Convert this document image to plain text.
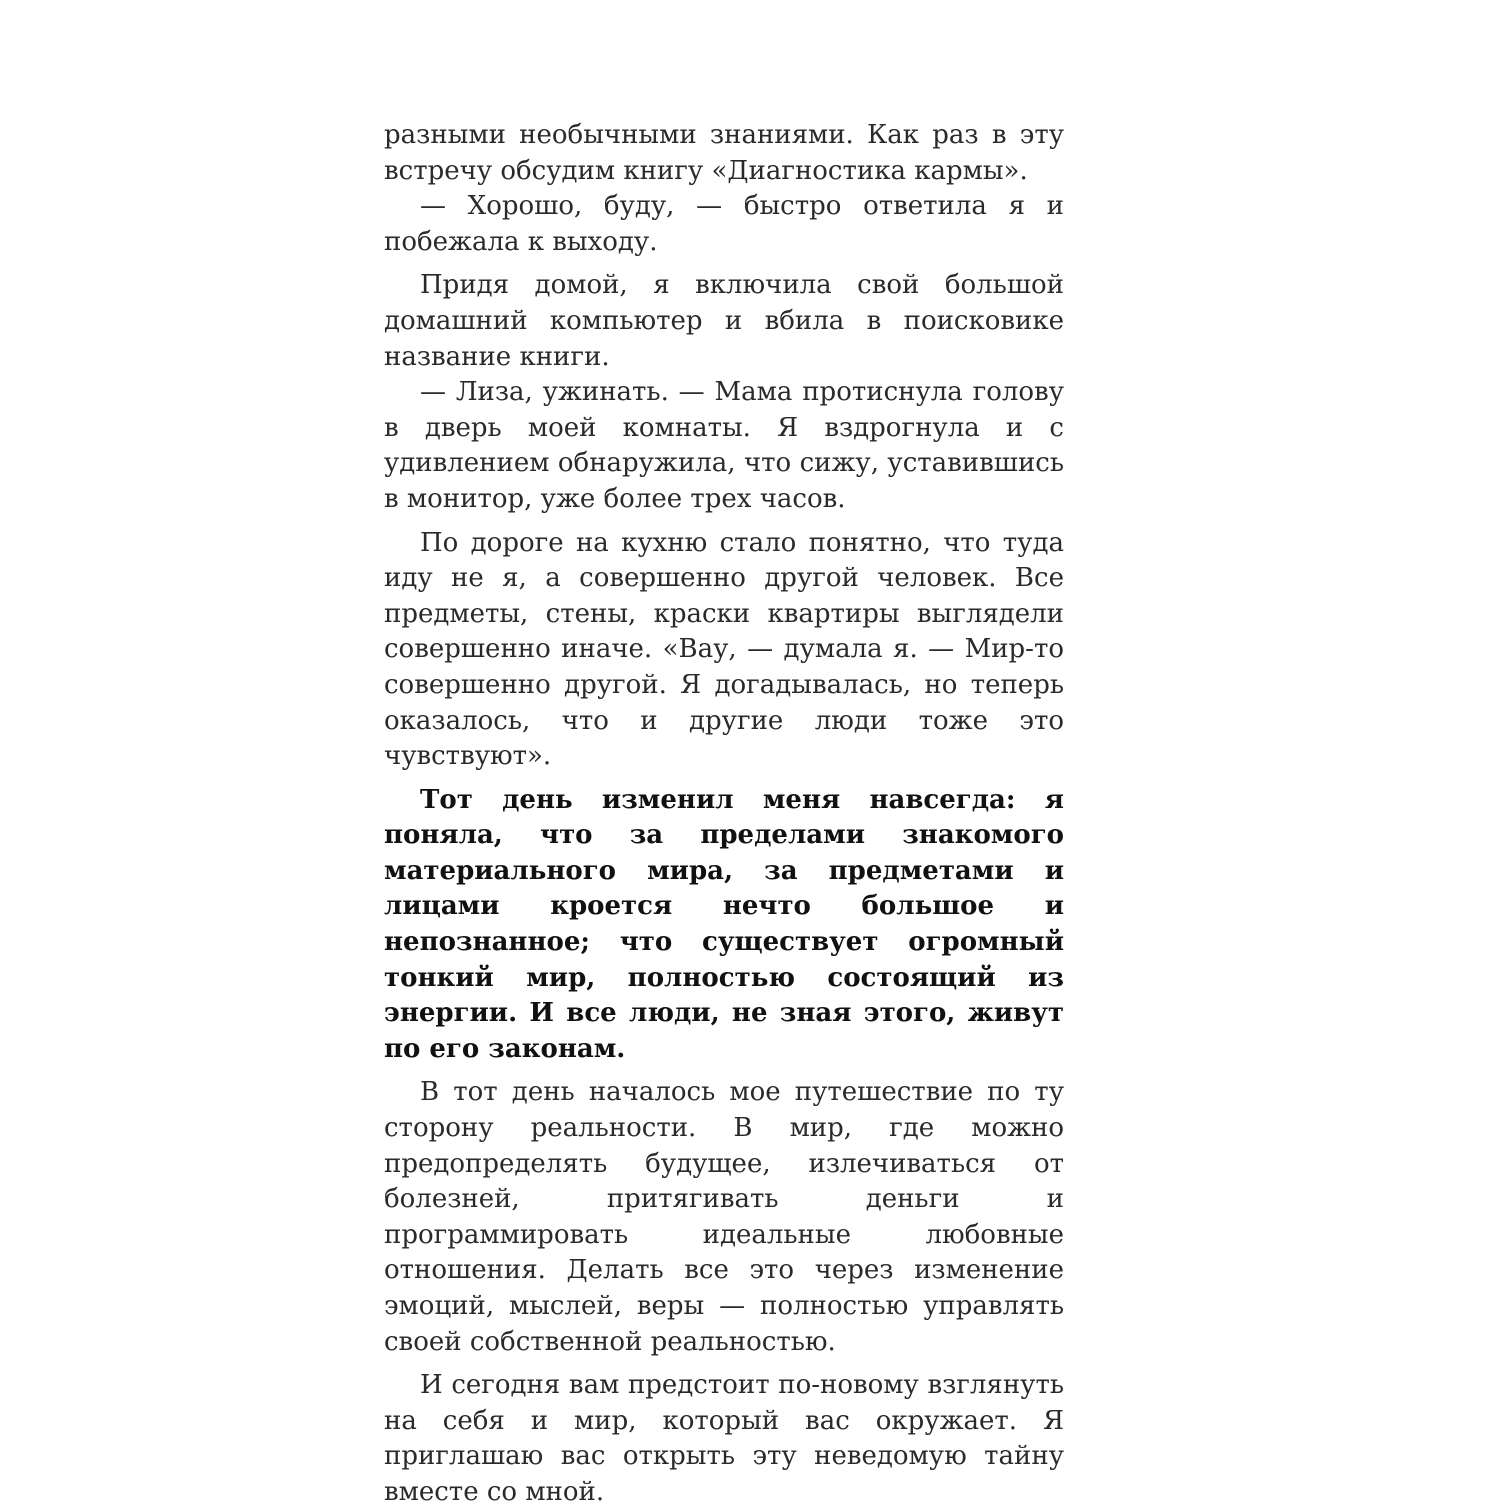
разными необычными знаниями. Как раз в эту встречу обсудим книгу «Диагностика кармы».

— Хорошо, буду, — быстро ответила я и побежала к выходу.

Придя домой, я включила свой большой домашний компьютер и вбила в поисковике название книги.

— Лиза, ужинать. — Мама протиснула голову в дверь моей комнаты. Я вздрогнула и с удивлением обнаружила, что сижу, уставившись в монитор, уже более трех часов.

По дороге на кухню стало понятно, что туда иду не я, а совершенно другой человек. Все предметы, стены, краски квартиры выглядели совершенно иначе. «Вау, — думала я. — Мир-то совершенно другой. Я догадывалась, но теперь оказалось, что и другие люди тоже это чувствуют».

Тот день изменил меня навсегда: я поняла, что за пределами знакомого материального мира, за предметами и лицами кроется нечто большое и непознанное; что существует огромный тонкий мир, полностью состоящий из энергии. И все люди, не зная этого, живут по его законам.

В тот день началось мое путешествие по ту сторону реальности. В мир, где можно предопределять будущее, излечиваться от болезней, притягивать деньги и программировать идеальные любовные отношения. Делать все это через изменение эмоций, мыслей, веры — полностью управлять своей собственной реальностью.

И сегодня вам предстоит по-новому взглянуть на себя и мир, который вас окружает. Я приглашаю вас открыть эту неведомую тайну вместе со мной.
